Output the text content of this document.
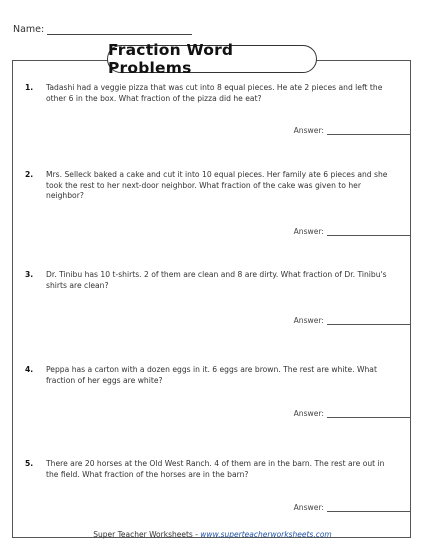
Name:
Fraction Word Problems
1. Tadashi had a veggie pizza that was cut into 8 equal pieces. He ate 2 pieces and left the other 6 in the box. What fraction of the pizza did he eat?
Answer:
2. Mrs. Selleck baked a cake and cut it into 10 equal pieces. Her family ate 6 pieces and she took the rest to her next-door neighbor. What fraction of the cake was given to her neighbor?
Answer:
3. Dr. Tinibu has 10 t-shirts. 2 of them are clean and 8 are dirty. What fraction of Dr. Tinibu's shirts are clean?
Answer:
4. Peppa has a carton with a dozen eggs in it. 6 eggs are brown. The rest are white. What fraction of her eggs are white?
Answer:
5. There are 20 horses at the Old West Ranch. 4 of them are in the barn. The rest are out in the field. What fraction of the horses are in the barn?
Answer:
Super Teacher Worksheets - www.superteacherworksheets.com
